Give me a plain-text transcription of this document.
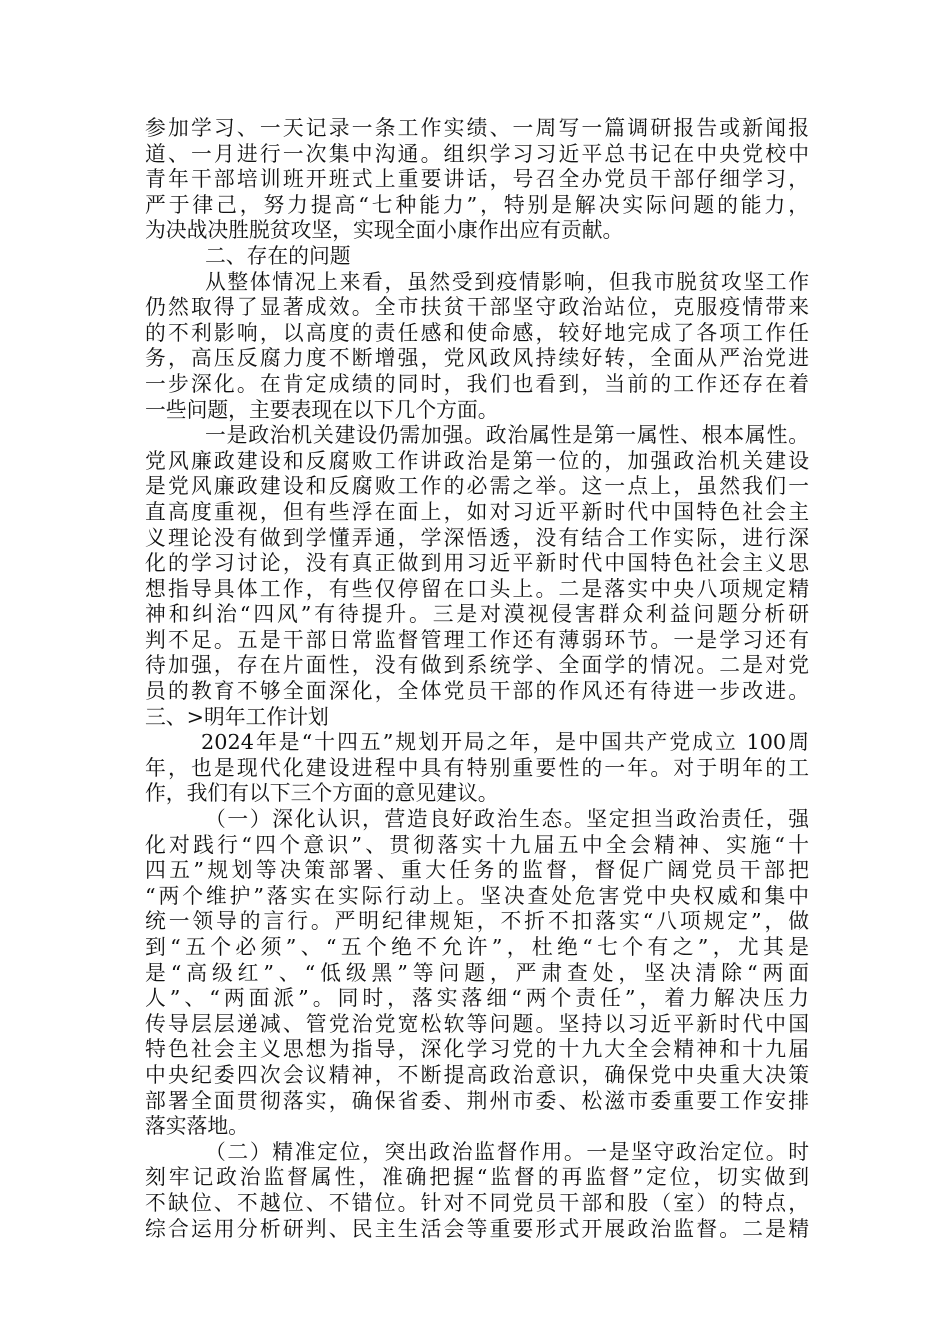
参加学习、一天记录一条工作实绩、一周写一篇调研报告或新闻报
道、一月进行一次集中沟通。组织学习习近平总书记在中央党校中
青年干部培训班开班式上重要讲话，号召全办党员干部仔细学习，
严于律己，努力提高“七种能力”，特别是解决实际问题的能力，
为决战决胜脱贫攻坚，实现全面小康作出应有贡献。
二、存在的问题
从整体情况上来看，虽然受到疫情影响，但我市脱贫攻坚工作
仍然取得了显著成效。全市扶贫干部坚守政治站位，克服疫情带来
的不利影响，以高度的责任感和使命感，较好地完成了各项工作任
务，高压反腐力度不断增强，党风政风持续好转，全面从严治党进
一步深化。在肯定成绩的同时，我们也看到，当前的工作还存在着
一些问题，主要表现在以下几个方面。
一是政治机关建设仍需加强。政治属性是第一属性、根本属性。
党风廉政建设和反腐败工作讲政治是第一位的，加强政治机关建设
是党风廉政建设和反腐败工作的必需之举。这一点上，虽然我们一
直高度重视，但有些浮在面上，如对习近平新时代中国特色社会主
义理论没有做到学懂弄通，学深悟透，没有结合工作实际，进行深
化的学习讨论，没有真正做到用习近平新时代中国特色社会主义思
想指导具体工作，有些仅停留在口头上。二是落实中央八项规定精
神和纠治“四风”有待提升。三是对漠视侵害群众利益问题分析研
判不足。五是干部日常监督管理工作还有薄弱环节。一是学习还有
待加强，存在片面性，没有做到系统学、全面学的情况。二是对党
员的教育不够全面深化，全体党员干部的作风还有待进一步改进。
三、>明年工作计划
2024年是“十四五”规划开局之年，是中国共产党成立 100周
年，也是现代化建设进程中具有特别重要性的一年。对于明年的工
作，我们有以下三个方面的意见建议。
（一）深化认识，营造良好政治生态。坚定担当政治责任，强
化对践行“四个意识”、贯彻落实十九届五中全会精神、实施“十
四五”规划等决策部署、重大任务的监督，督促广阔党员干部把
“两个维护”落实在实际行动上。坚决查处危害党中央权威和集中
统一领导的言行。严明纪律规矩，不折不扣落实“八项规定”，做
到“五个必须”、“五个绝不允许”，杜绝“七个有之”，尤其是
是“高级红”、“低级黑”等问题，严肃查处，坚决清除“两面
人”、“两面派”。同时，落实落细“两个责任”，着力解决压力
传导层层递减、管党治党宽松软等问题。坚持以习近平新时代中国
特色社会主义思想为指导，深化学习党的十九大全会精神和十九届
中央纪委四次会议精神，不断提高政治意识，确保党中央重大决策
部署全面贯彻落实，确保省委、荆州市委、松滋市委重要工作安排
落实落地。
（二）精准定位，突出政治监督作用。一是坚守政治定位。时
刻牢记政治监督属性，准确把握“监督的再监督”定位，切实做到
不缺位、不越位、不错位。针对不同党员干部和股（室）的特点，
综合运用分析研判、民主生活会等重要形式开展政治监督。二是精
